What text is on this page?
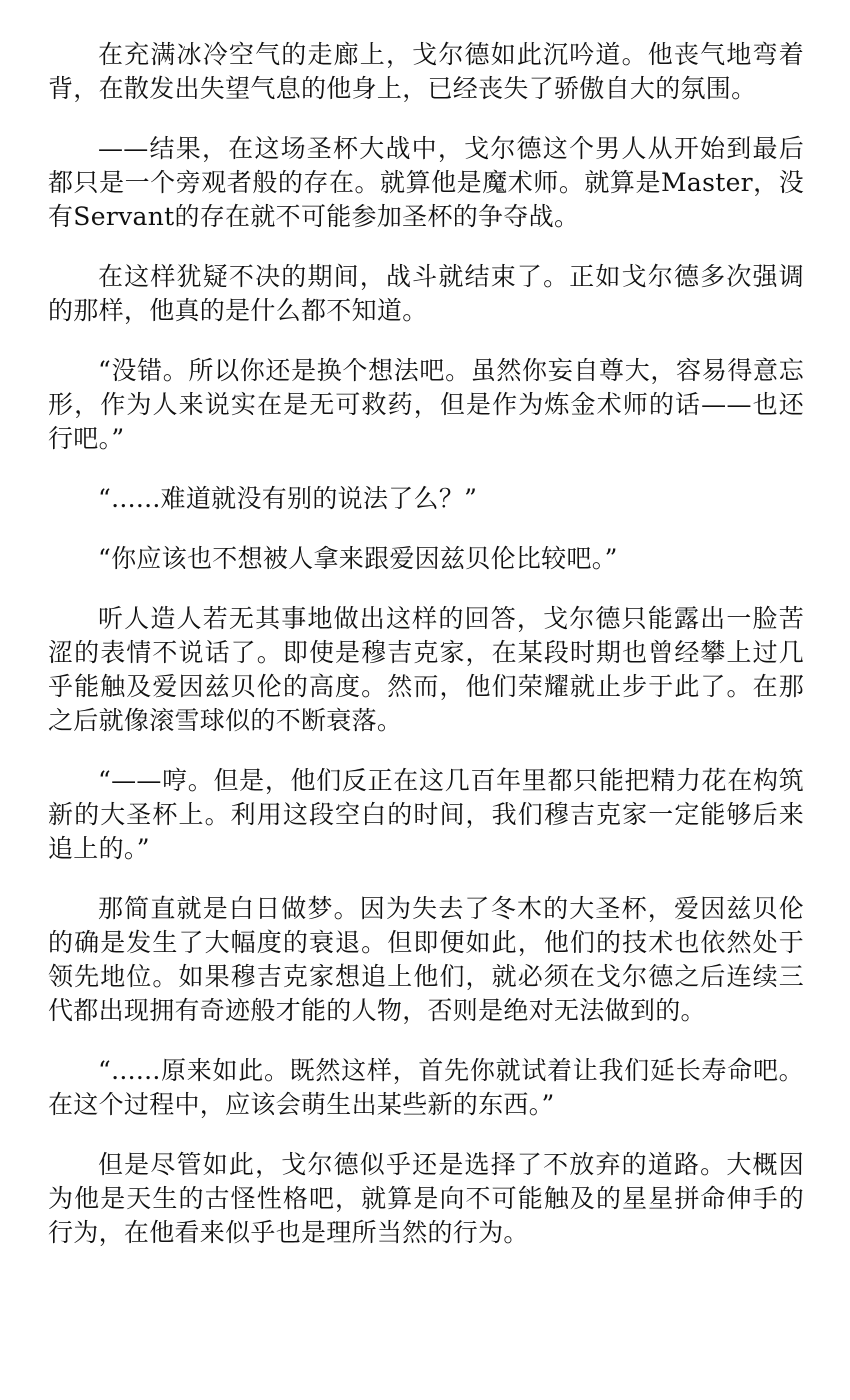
在充满冰冷空气的走廊上，戈尔德如此沉吟道。他丧气地弯着背，在散发出失望气息的他身上，已经丧失了骄傲自大的氛围。

——结果，在这场圣杯大战中，戈尔德这个男人从开始到最后都只是一个旁观者般的存在。就算他是魔术师。就算是Master，没有Servant的存在就不可能参加圣杯的争夺战。

在这样犹疑不决的期间，战斗就结束了。正如戈尔德多次强调的那样，他真的是什么都不知道。

“没错。所以你还是换个想法吧。虽然你妄自尊大，容易得意忘形，作为人来说实在是无可救药，但是作为炼金术师的话——也还行吧。”

“......难道就没有别的说法了么？”

“你应该也不想被人拿来跟爱因兹贝伦比较吧。”

听人造人若无其事地做出这样的回答，戈尔德只能露出一脸苦涩的表情不说话了。即使是穆吉克家，在某段时期也曾经攀上过几乎能触及爱因兹贝伦的高度。然而，他们荣耀就止步于此了。在那之后就像滚雪球似的不断衰落。

“——哼。但是，他们反正在这几百年里都只能把精力花在构筑新的大圣杯上。利用这段空白的时间，我们穆吉克家一定能够后来追上的。”

那简直就是白日做梦。因为失去了冬木的大圣杯，爱因兹贝伦的确是发生了大幅度的衰退。但即便如此，他们的技术也依然处于领先地位。如果穆吉克家想追上他们，就必须在戈尔德之后连续三代都出现拥有奇迹般才能的人物，否则是绝对无法做到的。

“......原来如此。既然这样，首先你就试着让我们延长寿命吧。在这个过程中，应该会萌生出某些新的东西。”

但是尽管如此，戈尔德似乎还是选择了不放弃的道路。大概因为他是天生的古怪性格吧，就算是向不可能触及的星星拼命伸手的行为，在他看来似乎也是理所当然的行为。
